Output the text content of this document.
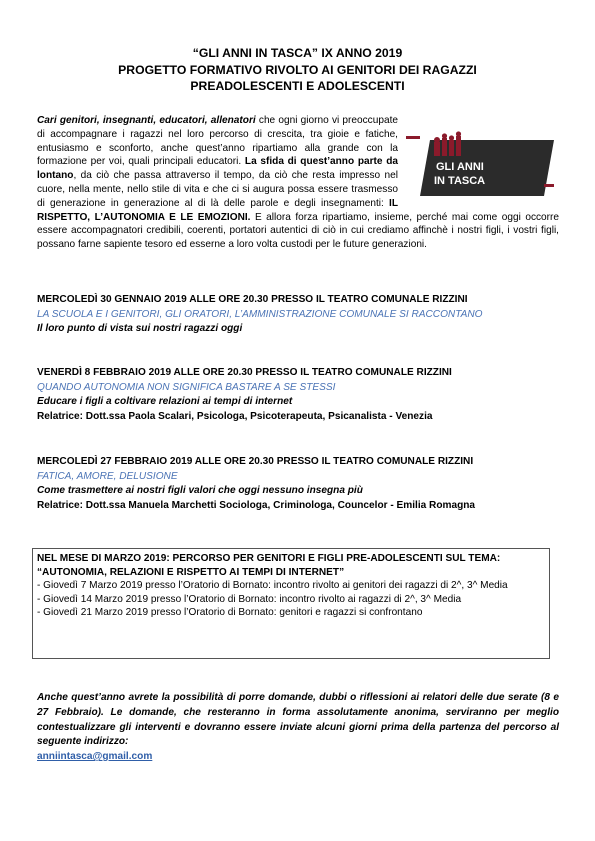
“GLI ANNI IN TASCA” IX ANNO 2019
PROGETTO FORMATIVO RIVOLTO AI GENITORI DEI RAGAZZI
PREADOLESCENTI E ADOLESCENTI
GLI ANNI
IN TASCA
Cari genitori, insegnanti, educatori, allenatori che ogni giorno vi preoccupate di accompagnare i ragazzi nel loro percorso di crescita, tra gioie e fatiche, entusiasmo e sconforto, anche quest’anno ripartiamo alla grande con la formazione per voi, quali principali educatori. La sfida di quest’anno parte da lontano, da ciò che passa attraverso il tempo, da ciò che resta impresso nel cuore, nella mente, nello stile di vita e che ci si augura possa essere trasmesso di generazione in generazione al di là delle parole e degli insegnamenti: IL RISPETTO, L’AUTONOMIA E LE EMOZIONI. E allora forza ripartiamo, insieme, perché mai come oggi occorre essere accompagnatori credibili, coerenti, portatori autentici di ciò in cui crediamo affinchè i nostri figli, i vostri figli, possano farne sapiente tesoro ed esserne a loro volta custodi per le future generazioni.
MERCOLEDÌ 30 GENNAIO 2019 ALLE ORE 20.30 PRESSO IL TEATRO COMUNALE RIZZINI
LA SCUOLA E I GENITORI, GLI ORATORI, L’AMMINISTRAZIONE COMUNALE SI RACCONTANO
Il loro punto di vista sui nostri ragazzi oggi
VENERDÌ 8 FEBBRAIO 2019 ALLE ORE 20.30 PRESSO IL TEATRO COMUNALE RIZZINI
QUANDO AUTONOMIA NON SIGNIFICA BASTARE A SE STESSI
Educare i figli a coltivare relazioni ai tempi di internet
Relatrice: Dott.ssa Paola Scalari, Psicologa, Psicoterapeuta, Psicanalista - Venezia
MERCOLEDÌ 27 FEBBRAIO 2019 ALLE ORE 20.30 PRESSO IL TEATRO COMUNALE RIZZINI
FATICA, AMORE, DELUSIONE
Come trasmettere ai nostri figli valori che oggi nessuno insegna più
Relatrice: Dott.ssa Manuela Marchetti Sociologa, Criminologa, Councelor - Emilia Romagna
NEL MESE DI MARZO 2019: PERCORSO PER GENITORI E FIGLI PRE-ADOLESCENTI SUL TEMA:
“AUTONOMIA, RELAZIONI E RISPETTO AI TEMPI DI INTERNET”
- Giovedì 7 Marzo 2019 presso l’Oratorio di Bornato: incontro rivolto ai genitori dei ragazzi di 2^, 3^ Media
- Giovedì 14 Marzo 2019 presso l’Oratorio di Bornato: incontro rivolto ai ragazzi di 2^, 3^ Media
- Giovedì 21 Marzo 2019 presso l’Oratorio di Bornato: genitori e ragazzi si confrontano
Anche quest’anno avrete la possibilità di porre domande, dubbi o riflessioni ai relatori delle due serate (8 e 27 Febbraio). Le domande, che resteranno in forma assolutamente anonima, serviranno per meglio contestualizzare gli interventi e dovranno essere inviate alcuni giorni prima della partenza del percorso al seguente indirizzo:
anniintasca@gmail.com
